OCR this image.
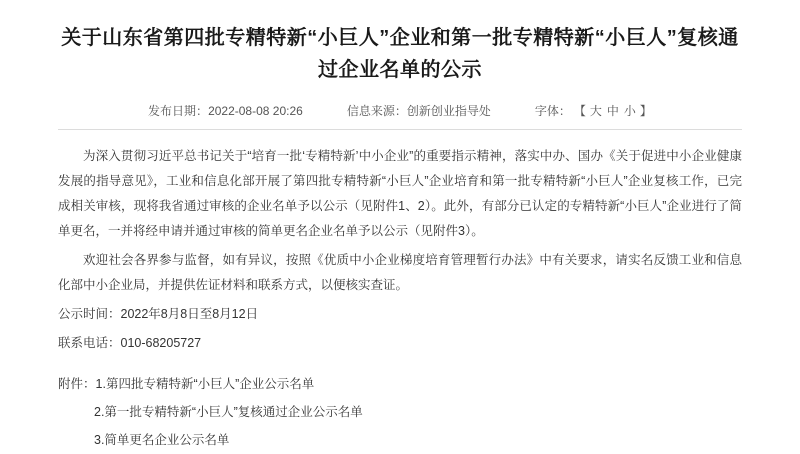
关于山东省第四批专精特新“小巨人”企业和第一批专精特新“小巨人”复核通过企业名单的公示
发布日期：2022-08-08 20:26	信息来源：创新创业指导处	字体： 【 大 中 小 】

为深入贯彻习近平总书记关于“培育一批‘专精特新’中小企业”的重要指示精神，落实中办、国办《关于促进中小企业健康发展的指导意见》，工业和信息化部开展了第四批专精特新“小巨人”企业培育和第一批专精特新“小巨人”企业复核工作，已完成相关审核，现将我省通过审核的企业名单予以公示（见附件1、2）。此外，有部分已认定的专精特新“小巨人”企业进行了简单更名，一并将经申请并通过审核的简单更名企业名单予以公示（见附件3）。

欢迎社会各界参与监督，如有异议，按照《优质中小企业梯度培育管理暂行办法》中有关要求，请实名反馈工业和信息化部中小企业局，并提供佐证材料和联系方式，以便核实查证。

公示时间：2022年8月8日至8月12日

联系电话：010-68205727

附件：1.第四批专精特新“小巨人”企业公示名单
2.第一批专精特新“小巨人”复核通过企业公示名单
3.简单更名企业公示名单
